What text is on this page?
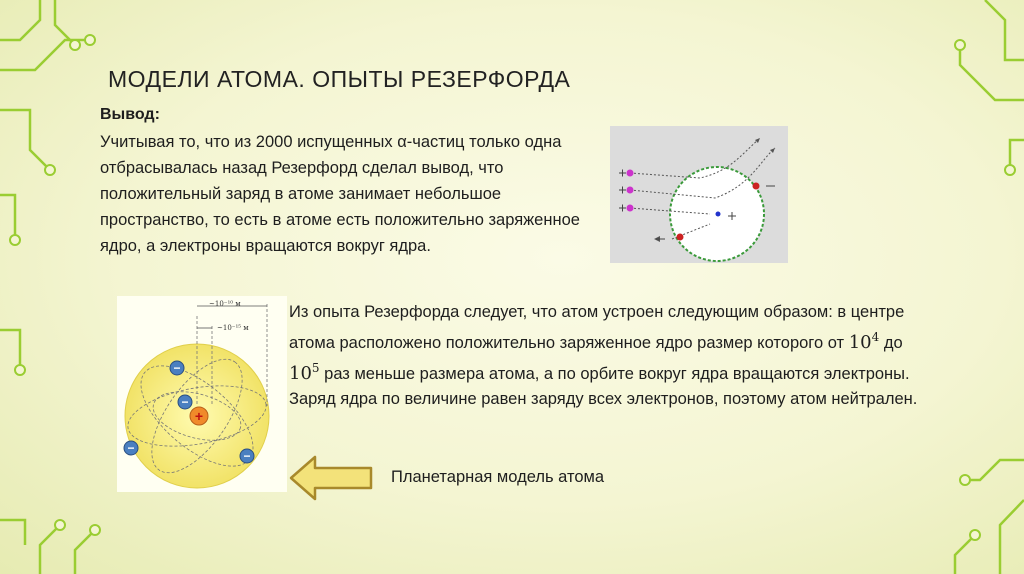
МОДЕЛИ АТОМА. ОПЫТЫ РЕЗЕРФОРДА
Вывод:
Учитывая то, что из 2000 испущенных α-частиц только одна отбрасывалась назад Резерфорд сделал вывод, что положительный заряд в атоме занимает небольшое пространство, то есть в атоме есть положительно заряженное ядро, а электроны вращаются вокруг ядра.
~10⁻¹⁰ м
~10⁻¹⁵ м
+
−
−
−
−
Из опыта Резерфорда следует, что атом устроен следующим образом: в центре атома расположено положительно заряженное ядро размер которого от $10^4$ до $10^5$ раз меньше размера атома, а по орбите вокруг ядра вращаются электроны.
Заряд ядра по величине равен заряду всех электронов, поэтому атом нейтрален.
Планетарная модель атома
